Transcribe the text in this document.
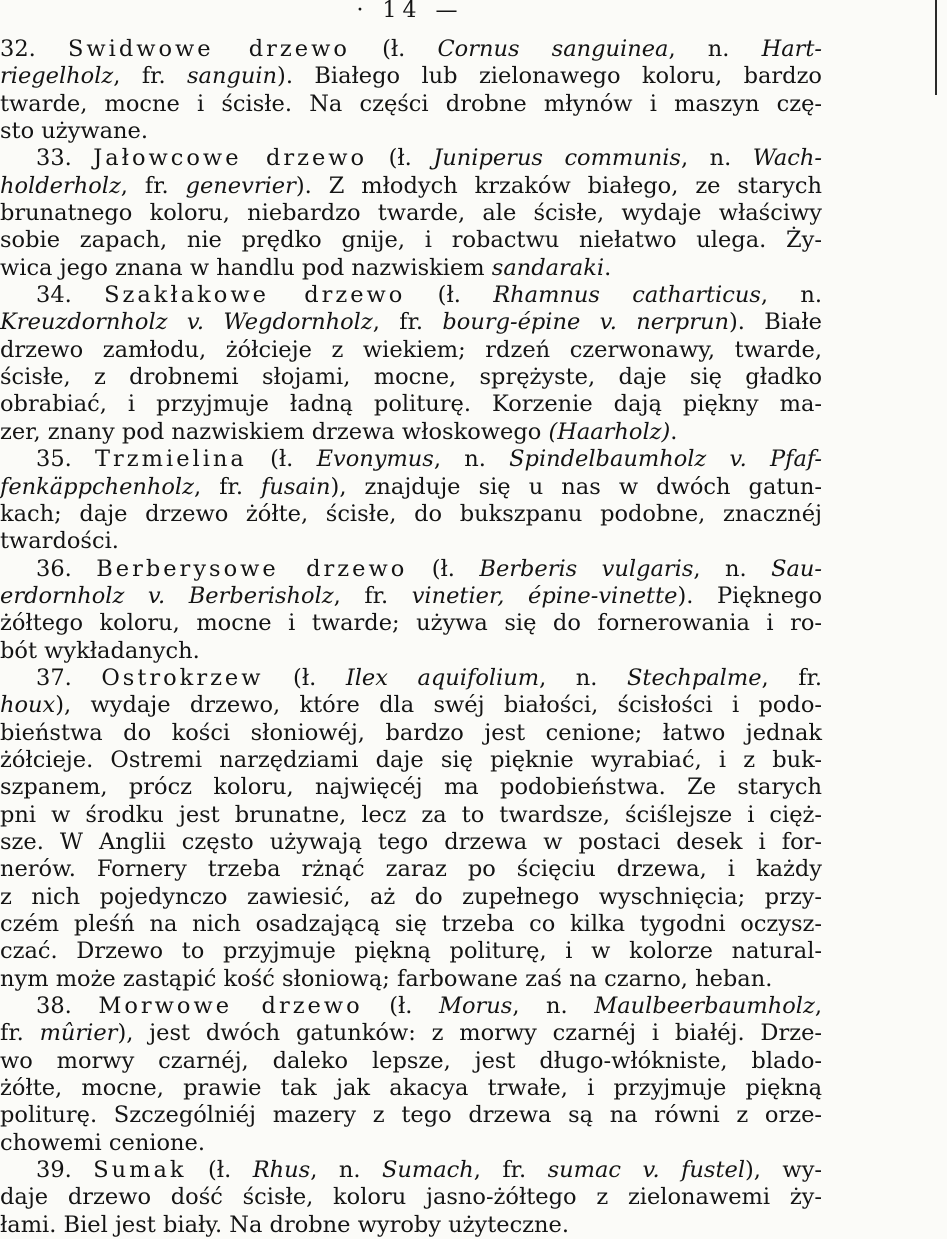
· 14 —
32. Swidwowe drzewo (ł. Cornus sanguinea, n. Hart-
riegelholz, fr. sanguin). Białego lub zielonawego koloru, bardzo
twarde, mocne i ścisłe. Na części drobne młynów i maszyn czę-
sto używane.
33. Jałowcowe drzewo (ł. Juniperus communis, n. Wach-
holderholz, fr. genevrier). Z młodych krzaków białego, ze starych
brunatnego koloru, niebardzo twarde, ale ścisłe, wydaje właściwy
sobie zapach, nie prędko gnije, i robactwu niełatwo ulega. Ży-
wica jego znana w handlu pod nazwiskiem sandaraki.
34. Szakłakowe drzewo (ł. Rhamnus catharticus, n.
Kreuzdornholz v. Wegdornholz, fr. bourg-épine v. nerprun). Białe
drzewo zamłodu, żółcieje z wiekiem; rdzeń czerwonawy, twarde,
ścisłe, z drobnemi słojami, mocne, sprężyste, daje się gładko
obrabiać, i przyjmuje ładną politurę. Korzenie dają piękny ma-
zer, znany pod nazwiskiem drzewa włoskowego (Haarholz).
35. Trzmielina (ł. Evonymus, n. Spindelbaumholz v. Pfaf-
fenkäppchenholz, fr. fusain), znajduje się u nas w dwóch gatun-
kach; daje drzewo żółte, ścisłe, do bukszpanu podobne, znacznéj
twardości.
36. Berberysowe drzewo (ł. Berberis vulgaris, n. Sau-
erdornholz v. Berberisholz, fr. vinetier, épine-vinette). Pięknego
żółtego koloru, mocne i twarde; używa się do fornerowania i ro-
bót wykładanych.
37. Ostrokrzew (ł. Ilex aquifolium, n. Stechpalme, fr.
houx), wydaje drzewo, które dla swéj białości, ścisłości i podo-
bieństwa do kości słoniowéj, bardzo jest cenione; łatwo jednak
żółcieje. Ostremi narzędziami daje się pięknie wyrabiać, i z buk-
szpanem, prócz koloru, najwięcéj ma podobieństwa. Ze starych
pni w środku jest brunatne, lecz za to twardsze, ściślejsze i cięż-
sze. W Anglii często używają tego drzewa w postaci desek i for-
nerów. Fornery trzeba rżnąć zaraz po ścięciu drzewa, i każdy
z nich pojedynczo zawiesić, aż do zupełnego wyschnięcia; przy-
czém pleśń na nich osadzającą się trzeba co kilka tygodni oczysz-
czać. Drzewo to przyjmuje piękną politurę, i w kolorze natural-
nym może zastąpić kość słoniową; farbowane zaś na czarno, heban.
38. Morwowe drzewo (ł. Morus, n. Maulbeerbaumholz,
fr. mûrier), jest dwóch gatunków: z morwy czarnéj i białéj. Drze-
wo morwy czarnéj, daleko lepsze, jest długo-włókniste, blado-
żółte, mocne, prawie tak jak akacya trwałe, i przyjmuje piękną
politurę. Szczególniéj mazery z tego drzewa są na równi z orze-
chowemi cenione.
39. Sumak (ł. Rhus, n. Sumach, fr. sumac v. fustel), wy-
daje drzewo dość ścisłe, koloru jasno-żółtego z zielonawemi ży-
łami. Biel jest biały. Na drobne wyroby użyteczne.
